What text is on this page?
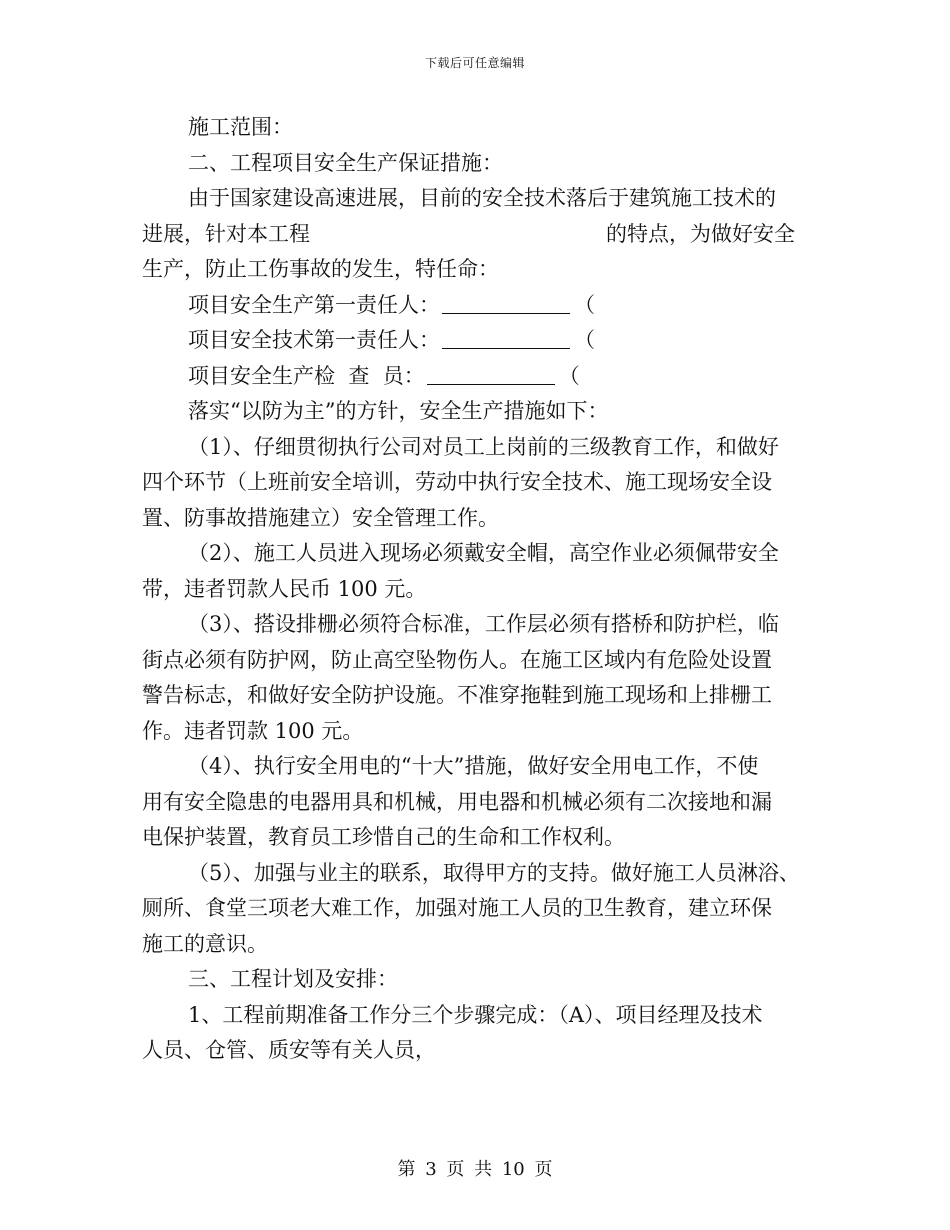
下载后可任意编辑
施工范围：
二、工程项目安全生产保证措施：
由于国家建设高速进展，目前的安全技术落后于建筑施工技术的
进展，针对本工程	的特点，为做好安全
生产，防止工伤事故的发生，特任命：
项目安全生产第一责任人：	（
项目安全技术第一责任人：	（
项目安全生产检  查  员：	（
落实“以防为主”的方针，安全生产措施如下：
（1）、仔细贯彻执行公司对员工上岗前的三级教育工作，和做好
四个环节（上班前安全培训，劳动中执行安全技术、施工现场安全设
置、防事故措施建立）安全管理工作。
（2）、施工人员进入现场必须戴安全帽，高空作业必须佩带安全
带，违者罚款人民币 100 元。
（3）、搭设排栅必须符合标准，工作层必须有搭桥和防护栏，临
街点必须有防护网，防止高空坠物伤人。在施工区域内有危险处设置
警告标志，和做好安全防护设施。不准穿拖鞋到施工现场和上排栅工
作。违者罚款 100 元。
（4）、执行安全用电的“十大”措施，做好安全用电工作，不使
用有安全隐患的电器用具和机械，用电器和机械必须有二次接地和漏
电保护装置，教育员工珍惜自己的生命和工作权利。
（5）、加强与业主的联系，取得甲方的支持。做好施工人员淋浴、
厕所、食堂三项老大难工作，加强对施工人员的卫生教育，建立环保
施工的意识。
三、工程计划及安排：
1、工程前期准备工作分三个步骤完成：（A）、项目经理及技术
人员、仓管、质安等有关人员，
第 3 页 共 10 页
